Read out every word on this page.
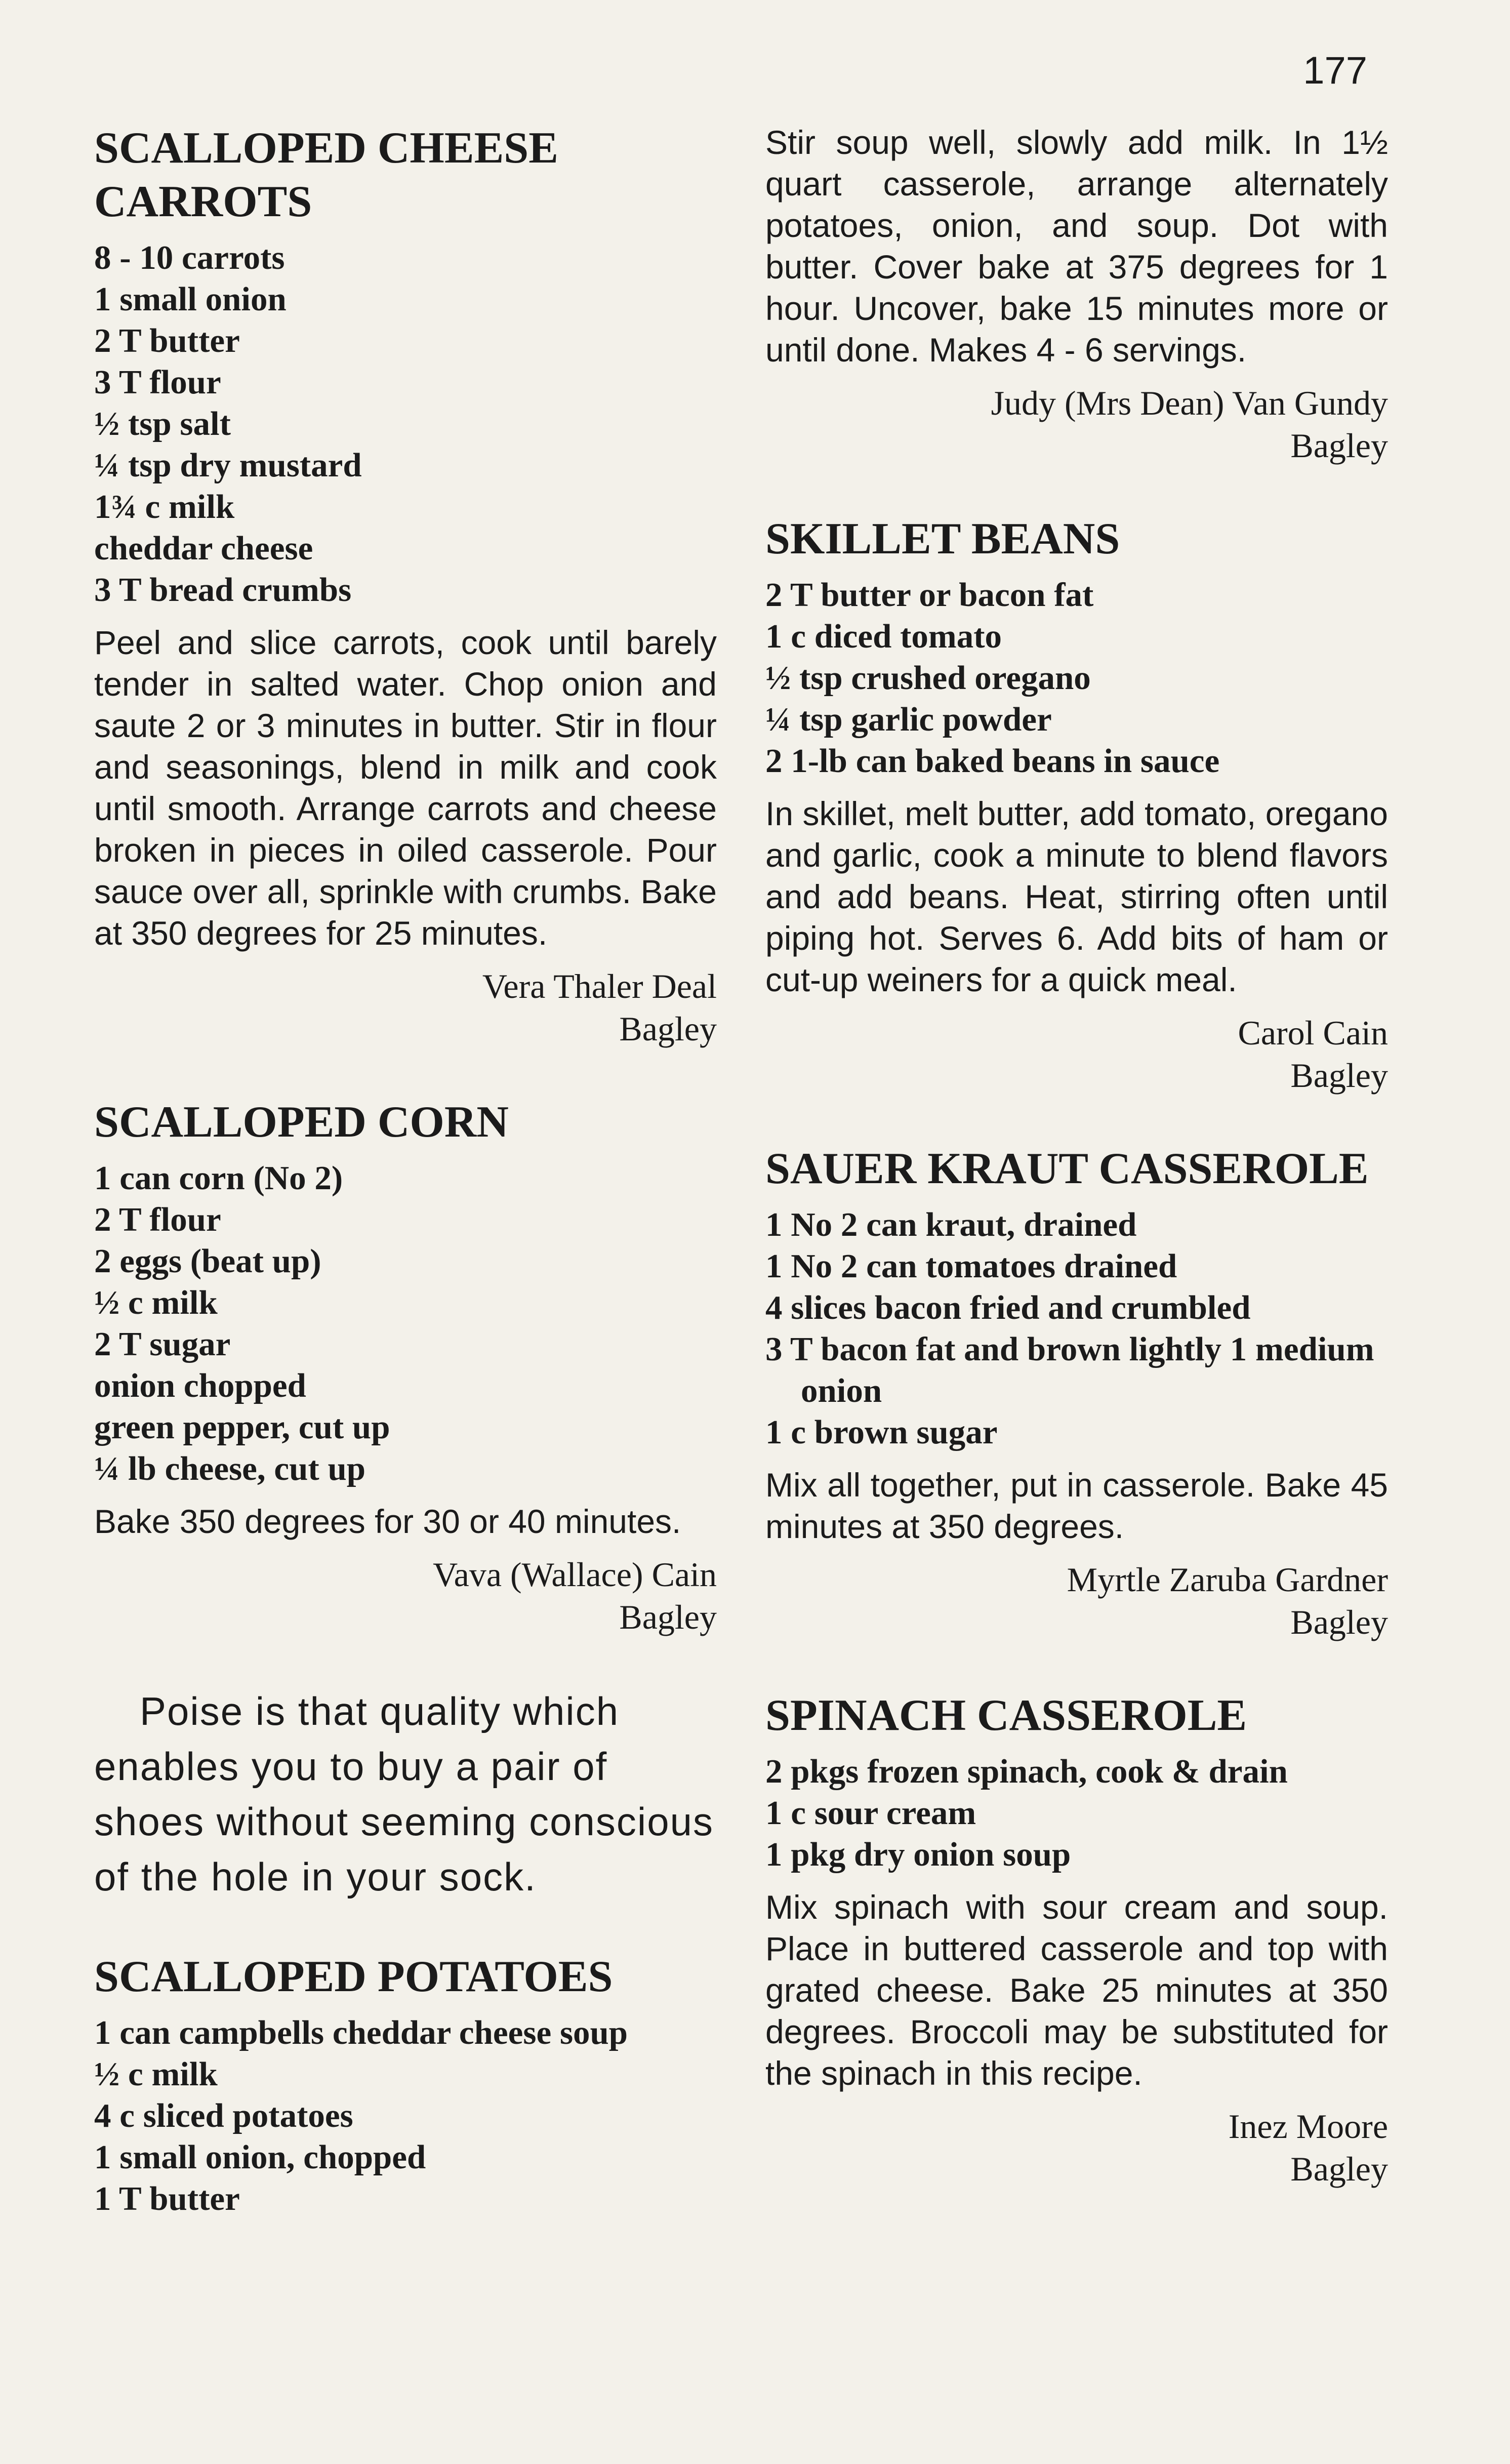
177
SCALLOPED CHEESE CARROTS
8 - 10 carrots
1 small onion
2 T butter
3 T flour
½ tsp salt
¼ tsp dry mustard
1¾ c milk
cheddar cheese
3 T bread crumbs

Peel and slice carrots, cook until barely tender in salted water. Chop onion and saute 2 or 3 minutes in butter. Stir in flour and seasonings, blend in milk and cook until smooth. Arrange carrots and cheese broken in pieces in oiled casserole. Pour sauce over all, sprinkle with crumbs. Bake at 350 degrees for 25 minutes.

Vera Thaler Deal
Bagley
SCALLOPED CORN
1 can corn (No 2)
2 T flour
2 eggs (beat up)
½ c milk
2 T sugar
onion chopped
green pepper, cut up
¼ lb cheese, cut up

Bake 350 degrees for 30 or 40 minutes.

Vava (Wallace) Cain
Bagley

Poise is that quality which enables you to buy a pair of shoes without seeming conscious of the hole in your sock.

SCALLOPED POTATOES
1 can campbells cheddar cheese soup
½ c milk
4 c sliced potatoes
1 small onion, chopped
1 T butter

Stir soup well, slowly add milk. In 1½ quart casserole, arrange alternately potatoes, onion, and soup. Dot with butter. Cover bake at 375 degrees for 1 hour. Uncover, bake 15 minutes more or until done. Makes 4 - 6 servings.

Judy (Mrs Dean) Van Gundy
Bagley
SKILLET BEANS
2 T butter or bacon fat
1 c diced tomato
½ tsp crushed oregano
¼ tsp garlic powder
2 1-lb can baked beans in sauce

In skillet, melt butter, add tomato, oregano and garlic, cook a minute to blend flavors and add beans. Heat, stirring often until piping hot. Serves 6. Add bits of ham or cut-up weiners for a quick meal.

Carol Cain
Bagley
SAUER KRAUT CASSEROLE
1 No 2 can kraut, drained
1 No 2 can tomatoes drained
4 slices bacon fried and crumbled
3 T bacon fat and brown lightly 1 medium onion
1 c brown sugar

Mix all together, put in casserole. Bake 45 minutes at 350 degrees.

Myrtle Zaruba Gardner
Bagley
SPINACH CASSEROLE
2 pkgs frozen spinach, cook & drain
1 c sour cream
1 pkg dry onion soup

Mix spinach with sour cream and soup. Place in buttered casserole and top with grated cheese. Bake 25 minutes at 350 degrees. Broccoli may be substituted for the spinach in this recipe.

Inez Moore
Bagley
